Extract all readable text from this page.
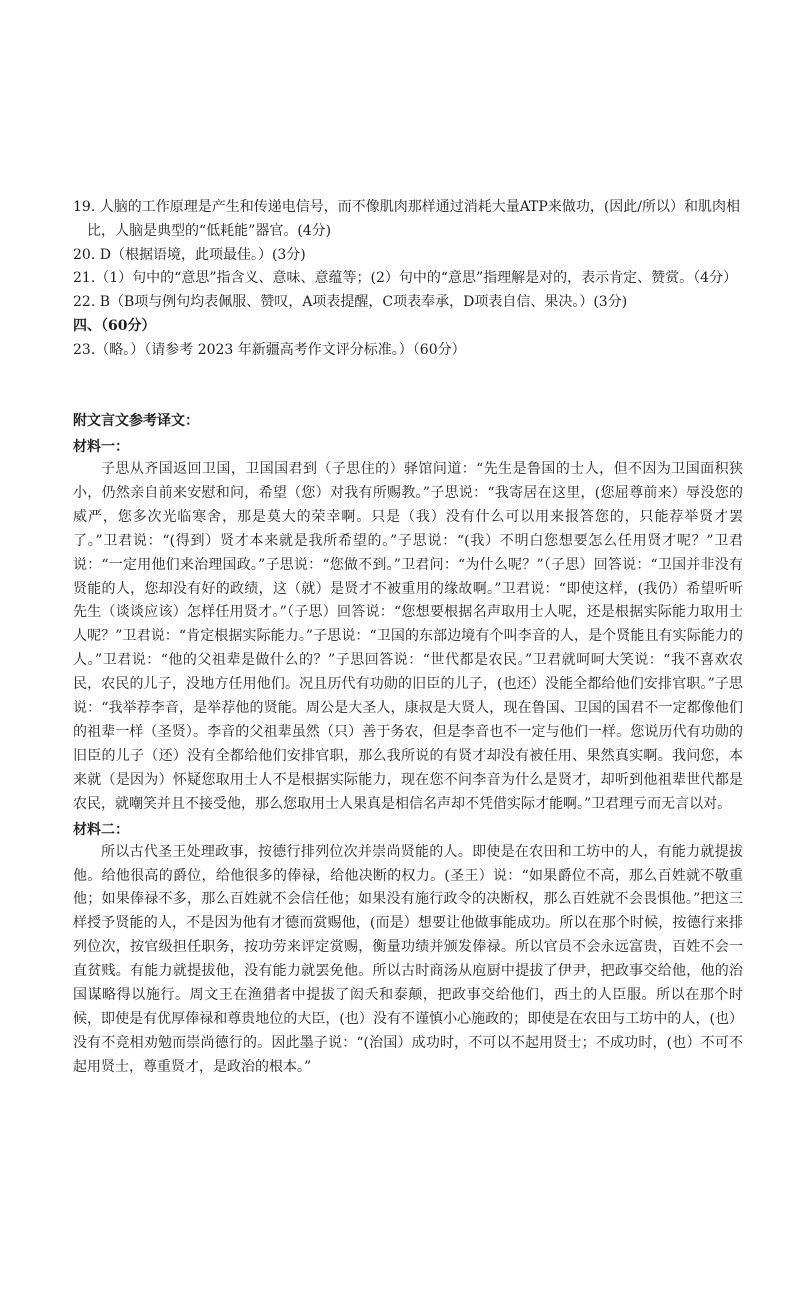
19. 人脑的工作原理是产生和传递电信号，而不像肌肉那样通过消耗大量ATP来做功，(因此/所以）和肌肉相比，人脑是典型的“低耗能”器官。(4分)

20. D（根据语境，此项最佳。）(3分)

21.（1）句中的“意思”指含义、意味、意蕴等；(2）句中的“意思”指理解是对的，表示肯定、赞赏。（4分）

22. B（B项与例句均表佩服、赞叹，A项表提醒，C项表奉承，D项表自信、果决。）(3分)

四、（60分）

23.（略。）（请参考 2023 年新疆高考作文评分标准。）（60分）

附文言文参考译文：

材料一：

子思从齐国返回卫国，卫国国君到（子思住的）驿馆问道：“先生是鲁国的士人，但不因为卫国面积狭小，仍然亲自前来安慰和问，希望（您）对我有所赐教。”子思说：“我寄居在这里，(您屈尊前来）辱没您的威严，您多次光临寒舍，那是莫大的荣幸啊。只是（我）没有什么可以用来报答您的，只能荐举贤才罢了。”卫君说：“(得到）贤才本来就是我所希望的。”子思说：“(我）不明白您想要怎么任用贤才呢？”卫君说：“一定用他们来治理国政。”子思说：“您做不到。”卫君问：“为什么呢？”（子思）回答说：“卫国并非没有贤能的人，您却没有好的政绩，这（就）是贤才不被重用的缘故啊。”卫君说：“即使这样，(我仍）希望听听先生（谈谈应该）怎样任用贤才。”（子思）回答说：“您想要根据名声取用士人呢，还是根据实际能力取用士人呢？”卫君说：“肯定根据实际能力。”子思说：“卫国的东部边境有个叫李音的人，是个贤能且有实际能力的人。”卫君说：“他的父祖辈是做什么的？”子思回答说：“世代都是农民。”卫君就呵呵大笑说：“我不喜欢农民，农民的儿子，没地方任用他们。况且历代有功勋的旧臣的儿子，(也还）没能全都给他们安排官职。”子思说：“我举荐李音，是举荐他的贤能。周公是大圣人，康叔是大贤人，现在鲁国、卫国的国君不一定都像他们的祖辈一样（圣贤）。李音的父祖辈虽然（只）善于务农，但是李音也不一定与他们一样。您说历代有功勋的旧臣的儿子（还）没有全都给他们安排官职，那么我所说的有贤才却没有被任用、果然真实啊。我问您，本来就（是因为）怀疑您取用士人不是根据实际能力，现在您不问李音为什么是贤才，却听到他祖辈世代都是农民，就嘲笑并且不接受他，那么您取用士人果真是相信名声却不凭借实际才能啊。”卫君理亏而无言以对。

材料二：

所以古代圣王处理政事，按德行排列位次并崇尚贤能的人。即使是在农田和工坊中的人，有能力就提拔他。给他很高的爵位，给他很多的俸禄，给他决断的权力。(圣王）说：“如果爵位不高，那么百姓就不敬重他；如果俸禄不多，那么百姓就不会信任他；如果没有施行政令的决断权，那么百姓就不会畏惧他。”把这三样授予贤能的人，不是因为他有才德而赏赐他，(而是）想要让他做事能成功。所以在那个时候，按德行来排列位次，按官级担任职务，按功劳来评定赏赐，衡量功绩并颁发俸禄。所以官员不会永远富贵，百姓不会一直贫贱。有能力就提拔他，没有能力就罢免他。所以古时商汤从庖厨中提拔了伊尹，把政事交给他，他的治国谋略得以施行。周文王在渔猎者中提拔了闳夭和泰颠，把政事交给他们，西土的人臣服。所以在那个时候，即使是有优厚俸禄和尊贵地位的大臣，(也）没有不谨慎小心施政的；即使是在农田与工坊中的人，(也）没有不竞相劝勉而崇尚德行的。因此墨子说：“(治国）成功时，不可以不起用贤士；不成功时，(也）不可不起用贤士，尊重贤才，是政治的根本。”
